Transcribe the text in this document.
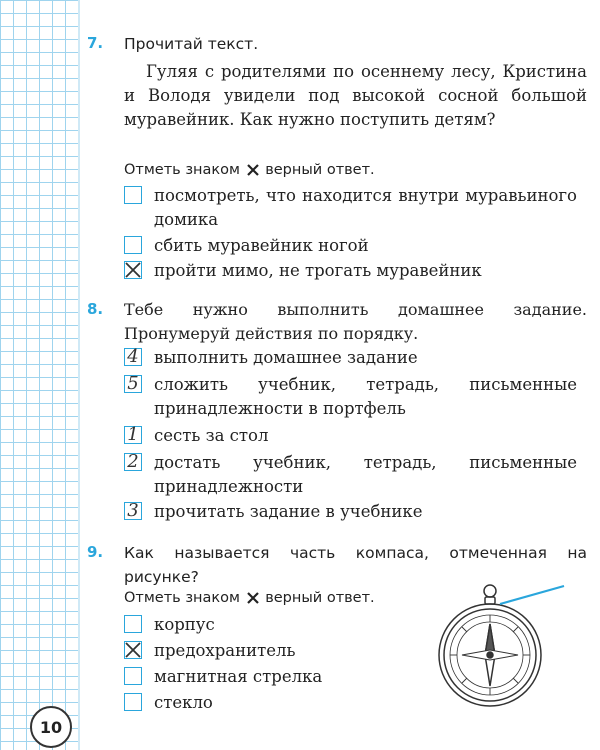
7. Прочитай текст.
Гуляя с родителями по осеннему лесу, Кристина и Володя увидели под высокой сосной большой муравейник. Как нужно поступить детям?
Отметь знаком верный ответ.
посмотреть, что находится внутри муравьиного домика
сбить муравейник ногой
пройти мимо, не трогать муравейник
8. Тебе нужно выполнить домашнее задание. Пронумеруй действия по порядку.
4 выполнить домашнее задание
5 сложить учебник, тетрадь, письменные принадлежности в портфель
1 сесть за стол
2 достать учебник, тетрадь, письменные принадлежности
3 прочитать задание в учебнике
9. Как называется часть компаса, отмеченная на рисунке?
Отметь знаком верный ответ.
корпус
предохранитель
магнитная стрелка
стекло
10
